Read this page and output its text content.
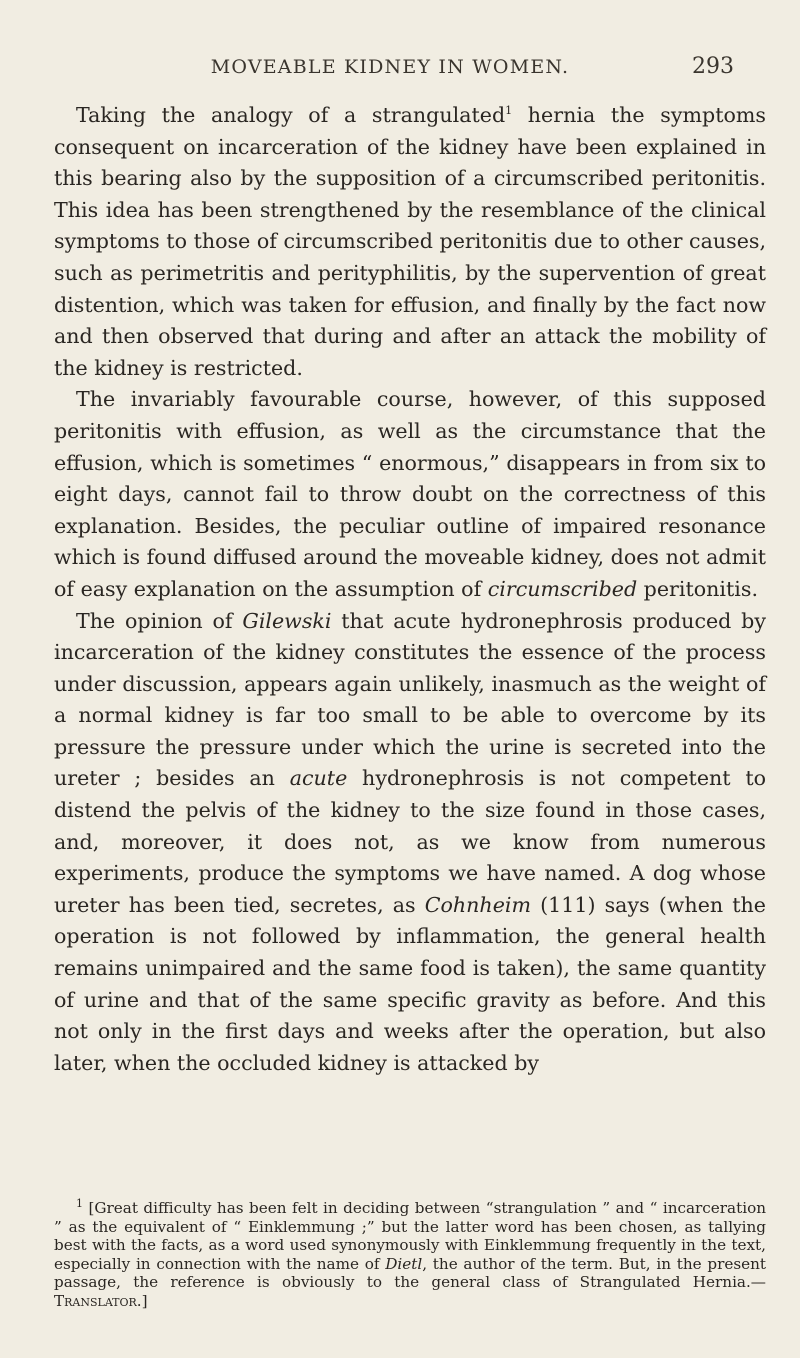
MOVEABLE KIDNEY IN WOMEN.	293

Taking the analogy of a strangulated$^1$ hernia the symptoms consequent on incarceration of the kidney have been explained in this bearing also by the supposition of a circumscribed peritonitis. This idea has been strengthened by the resemblance of the clinical symptoms to those of circumscribed peritonitis due to other causes, such as perimetritis and perityphilitis, by the supervention of great distention, which was taken for effusion, and finally by the fact now and then observed that during and after an attack the mobility of the kidney is restricted.

The invariably favourable course, however, of this supposed peritonitis with effusion, as well as the circumstance that the effusion, which is sometimes “ enormous,” disappears in from six to eight days, cannot fail to throw doubt on the correctness of this explanation. Besides, the peculiar outline of impaired resonance which is found diffused around the moveable kidney, does not admit of easy explanation on the assumption of circumscribed peritonitis.

The opinion of Gilewski that acute hydronephrosis produced by incarceration of the kidney constitutes the essence of the process under discussion, appears again unlikely, inasmuch as the weight of a normal kidney is far too small to be able to overcome by its pressure the pressure under which the urine is secreted into the ureter ; besides an acute hydronephrosis is not competent to distend the pelvis of the kidney to the size found in those cases, and, moreover, it does not, as we know from numerous experiments, produce the symptoms we have named. A dog whose ureter has been tied, secretes, as Cohnheim (111) says (when the operation is not followed by inflammation, the general health remains unimpaired and the same food is taken), the same quantity of urine and that of the same specific gravity as before. And this not only in the first days and weeks after the operation, but also later, when the occluded kidney is attacked by

$^1$ [Great difficulty has been felt in deciding between “strangulation ” and “ incarceration ” as the equivalent of “ Einklemmung ;” but the latter word has been chosen, as tallying best with the facts, as a word used synonymously with Einklemmung frequently in the text, especially in connection with the name of Dietl, the author of the term. But, in the present passage, the reference is obviously to the general class of Strangulated Hernia.— Translator.]
